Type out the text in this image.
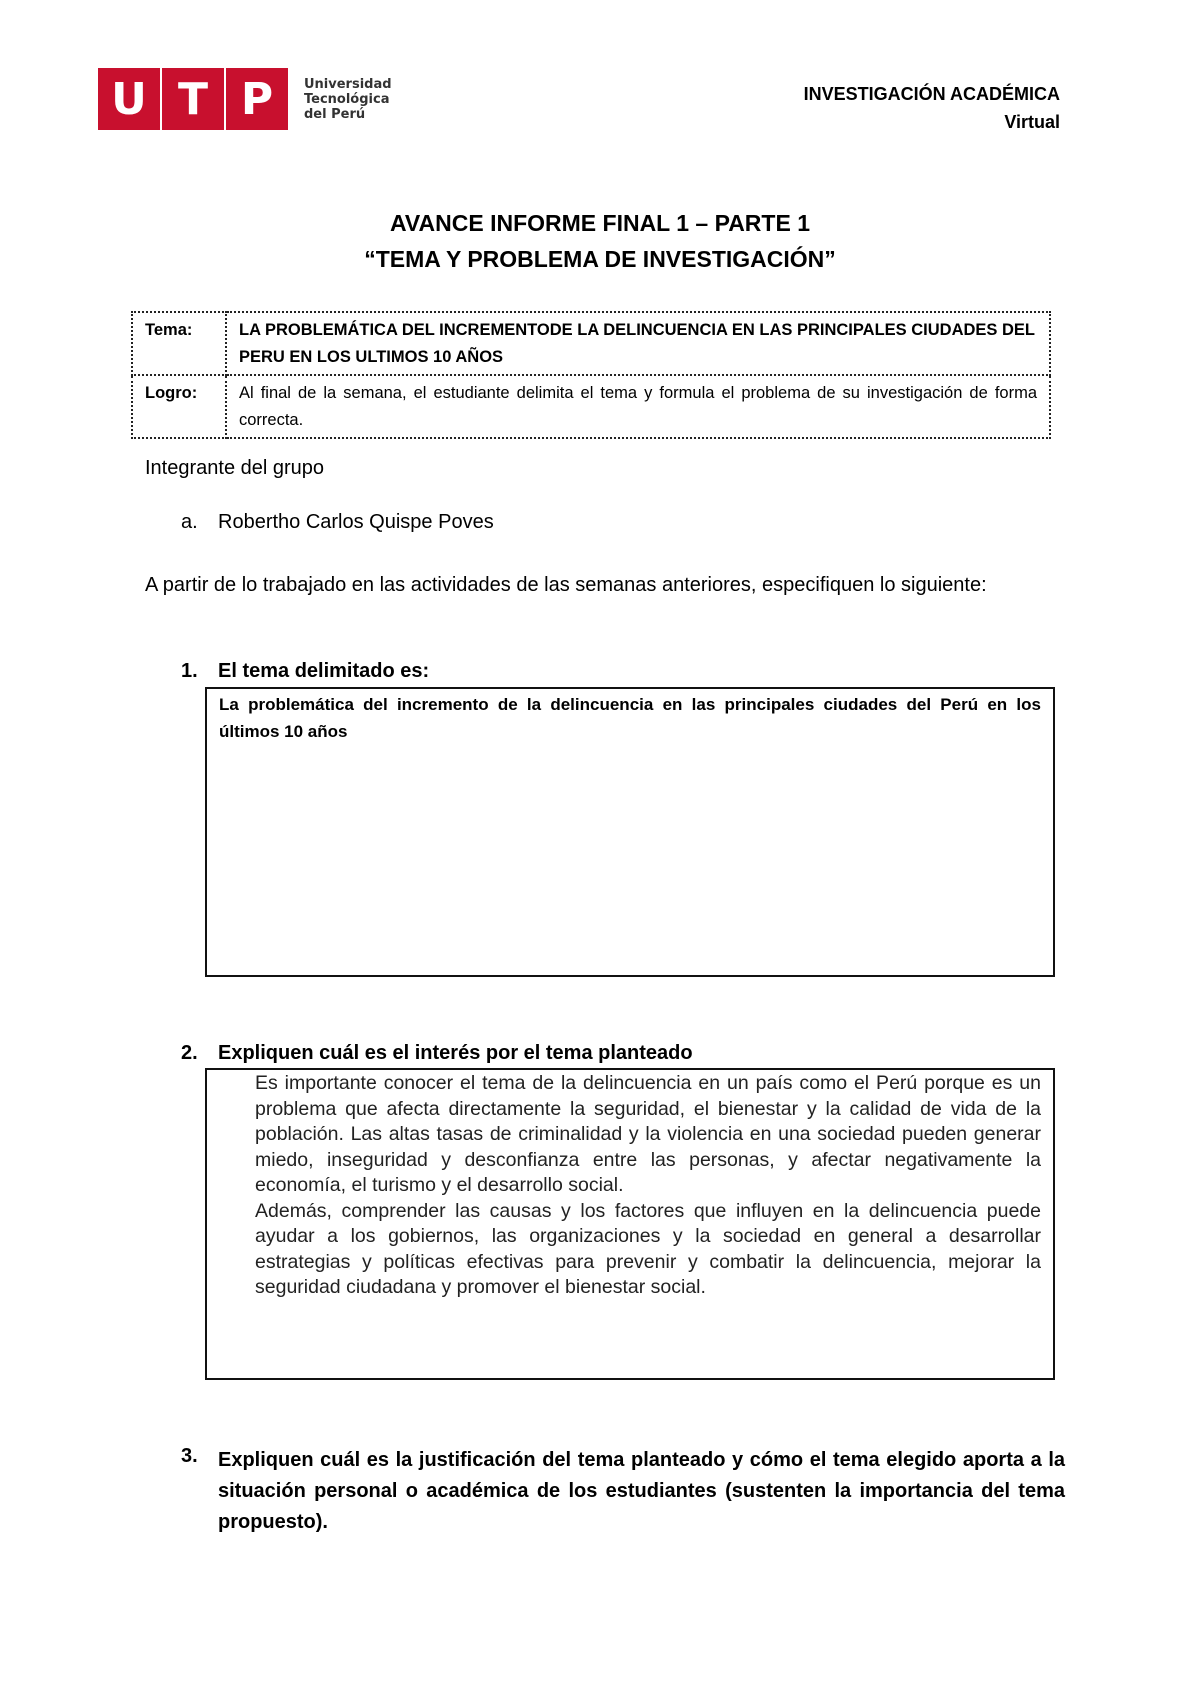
U T P	Universidad
Tecnológica
del Perú
INVESTIGACIÓN ACADÉMICA
Virtual
AVANCE INFORME FINAL 1 – PARTE 1
“TEMA Y PROBLEMA DE INVESTIGACIÓN”
Tema:	LA PROBLEMÁTICA DEL INCREMENTODE LA DELINCUENCIA EN LAS PRINCIPALES CIUDADES DEL PERU EN LOS ULTIMOS 10 AÑOS
Logro:	Al final de la semana, el estudiante delimita el tema y formula el problema de su investigación de forma correcta.
Integrante del grupo
a. Robertho Carlos Quispe Poves
A partir de lo trabajado en las actividades de las semanas anteriores, especifiquen lo siguiente:
1. El tema delimitado es:
La problemática del incremento de la delincuencia en las principales ciudades del Perú en los últimos 10 años
2. Expliquen cuál es el interés por el tema planteado

Es importante conocer el tema de la delincuencia en un país como el Perú porque es un problema que afecta directamente la seguridad, el bienestar y la calidad de vida de la población. Las altas tasas de criminalidad y la violencia en una sociedad pueden generar miedo, inseguridad y desconfianza entre las personas, y afectar negativamente la economía, el turismo y el desarrollo social.

Además, comprender las causas y los factores que influyen en la delincuencia puede ayudar a los gobiernos, las organizaciones y la sociedad en general a desarrollar estrategias y políticas efectivas para prevenir y combatir la delincuencia, mejorar la seguridad ciudadana y promover el bienestar social.

3. Expliquen cuál es la justificación del tema planteado y cómo el tema elegido aporta a la situación personal o académica de los estudiantes (sustenten la importancia del tema propuesto).
